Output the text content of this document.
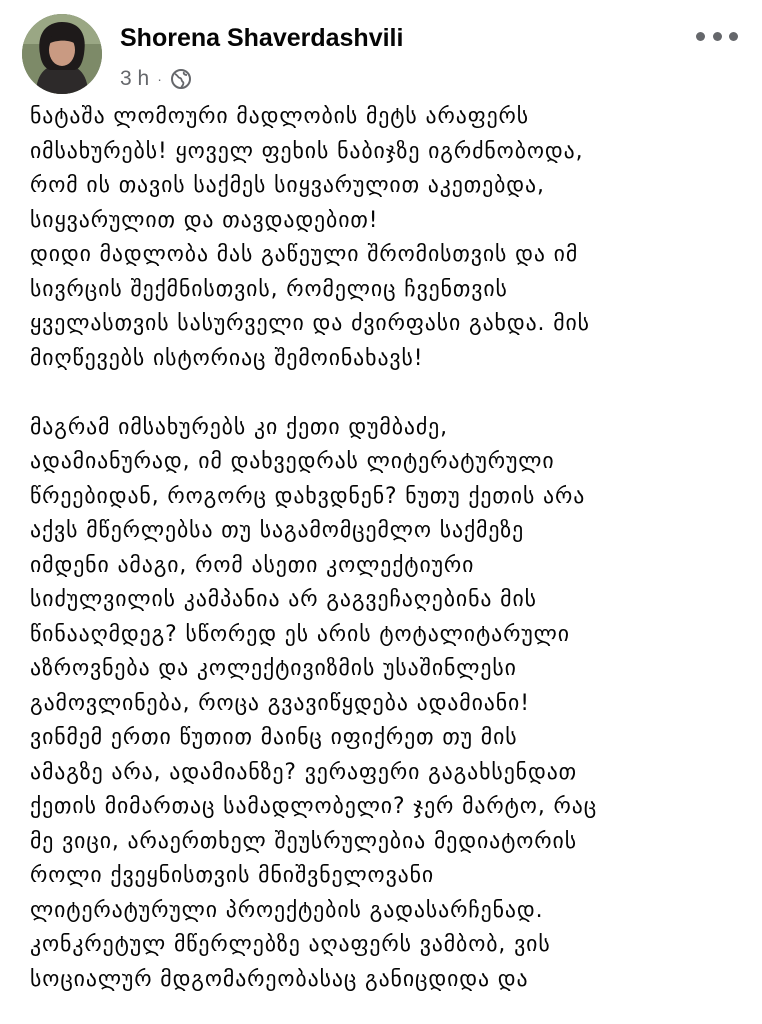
Shorena Shaverdashvili
3 h ·
ნატაშა ლომოური მადლობის მეტს არაფერს
იმსახურებს! ყოველ ფეხის ნაბიჯზე იგრძნობოდა,
რომ ის თავის საქმეს სიყვარულით აკეთებდა,
სიყვარულით და თავდადებით!
დიდი მადლობა მას გაწეული შრომისთვის და იმ
სივრცის შექმნისთვის, რომელიც ჩვენთვის
ყველასთვის სასურველი და ძვირფასი გახდა. მის
მიღწევებს ისტორიაც შემოინახავს!
მაგრამ იმსახურებს კი ქეთი დუმბაძე,
ადამიანურად, იმ დახვედრას ლიტერატურული
წრეებიდან, როგორც დახვდნენ? ნუთუ ქეთის არა
აქვს მწერლებსა თუ საგამომცემლო საქმეზე
იმდენი ამაგი, რომ ასეთი კოლექტიური
სიძულვილის კამპანია არ გაგვეჩაღებინა მის
წინააღმდეგ? სწორედ ეს არის ტოტალიტარული
აზროვნება და კოლექტივიზმის უსაშინლესი
გამოვლინება, როცა გვავიწყდება ადამიანი!
ვინმემ ერთი წუთით მაინც იფიქრეთ თუ მის
ამაგზე არა, ადამიანზე? ვერაფერი გაგახსენდათ
ქეთის მიმართაც სამადლობელი? ჯერ მარტო, რაც
მე ვიცი, არაერთხელ შეუსრულებია მედიატორის
როლი ქვეყნისთვის მნიშვნელოვანი
ლიტერატურული პროექტების გადასარჩენად.
კონკრეტულ მწერლებზე აღაფერს ვამბობ, ვის
სოციალურ მდგომარეობასაც განიცდიდა და
